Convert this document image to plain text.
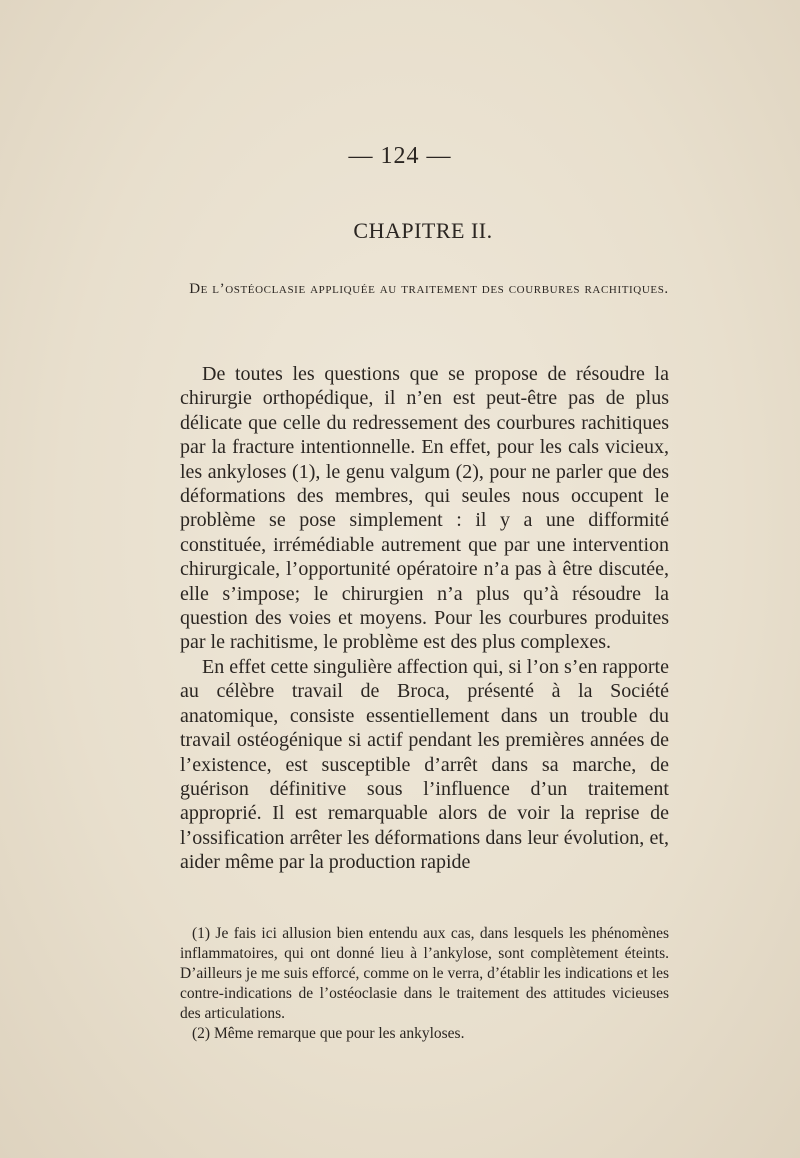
— 124 —
CHAPITRE II.
De l’ostéoclasie appliquée au traitement des courbures rachitiques.

De toutes les questions que se propose de résoudre la chirurgie orthopédique, il n’en est peut-être pas de plus délicate que celle du redressement des courbures rachitiques par la fracture intentionnelle. En effet, pour les cals vicieux, les ankyloses (1), le genu valgum (2), pour ne parler que des déformations des membres, qui seules nous occupent le problème se pose simplement : il y a une difformité constituée, irrémédiable autrement que par une intervention chirurgicale, l’opportunité opératoire n’a pas à être discutée, elle s’impose; le chirurgien n’a plus qu’à résoudre la question des voies et moyens. Pour les courbures produites par le rachitisme, le problème est des plus complexes.

En effet cette singulière affection qui, si l’on s’en rapporte au célèbre travail de Broca, présenté à la Société anatomique, consiste essentiellement dans un trouble du travail ostéogénique si actif pendant les premières années de l’existence, est susceptible d’arrêt dans sa marche, de guérison définitive sous l’influence d’un traitement approprié. Il est remarquable alors de voir la reprise de l’ossification arrêter les déformations dans leur évolution, et, aider même par la production rapide

(1) Je fais ici allusion bien entendu aux cas, dans lesquels les phénomènes inflammatoires, qui ont donné lieu à l’ankylose, sont complètement éteints. D’ailleurs je me suis efforcé, comme on le verra, d’établir les indications et les contre-indications de l’ostéoclasie dans le traitement des attitudes vicieuses des articulations.

(2) Même remarque que pour les ankyloses.
